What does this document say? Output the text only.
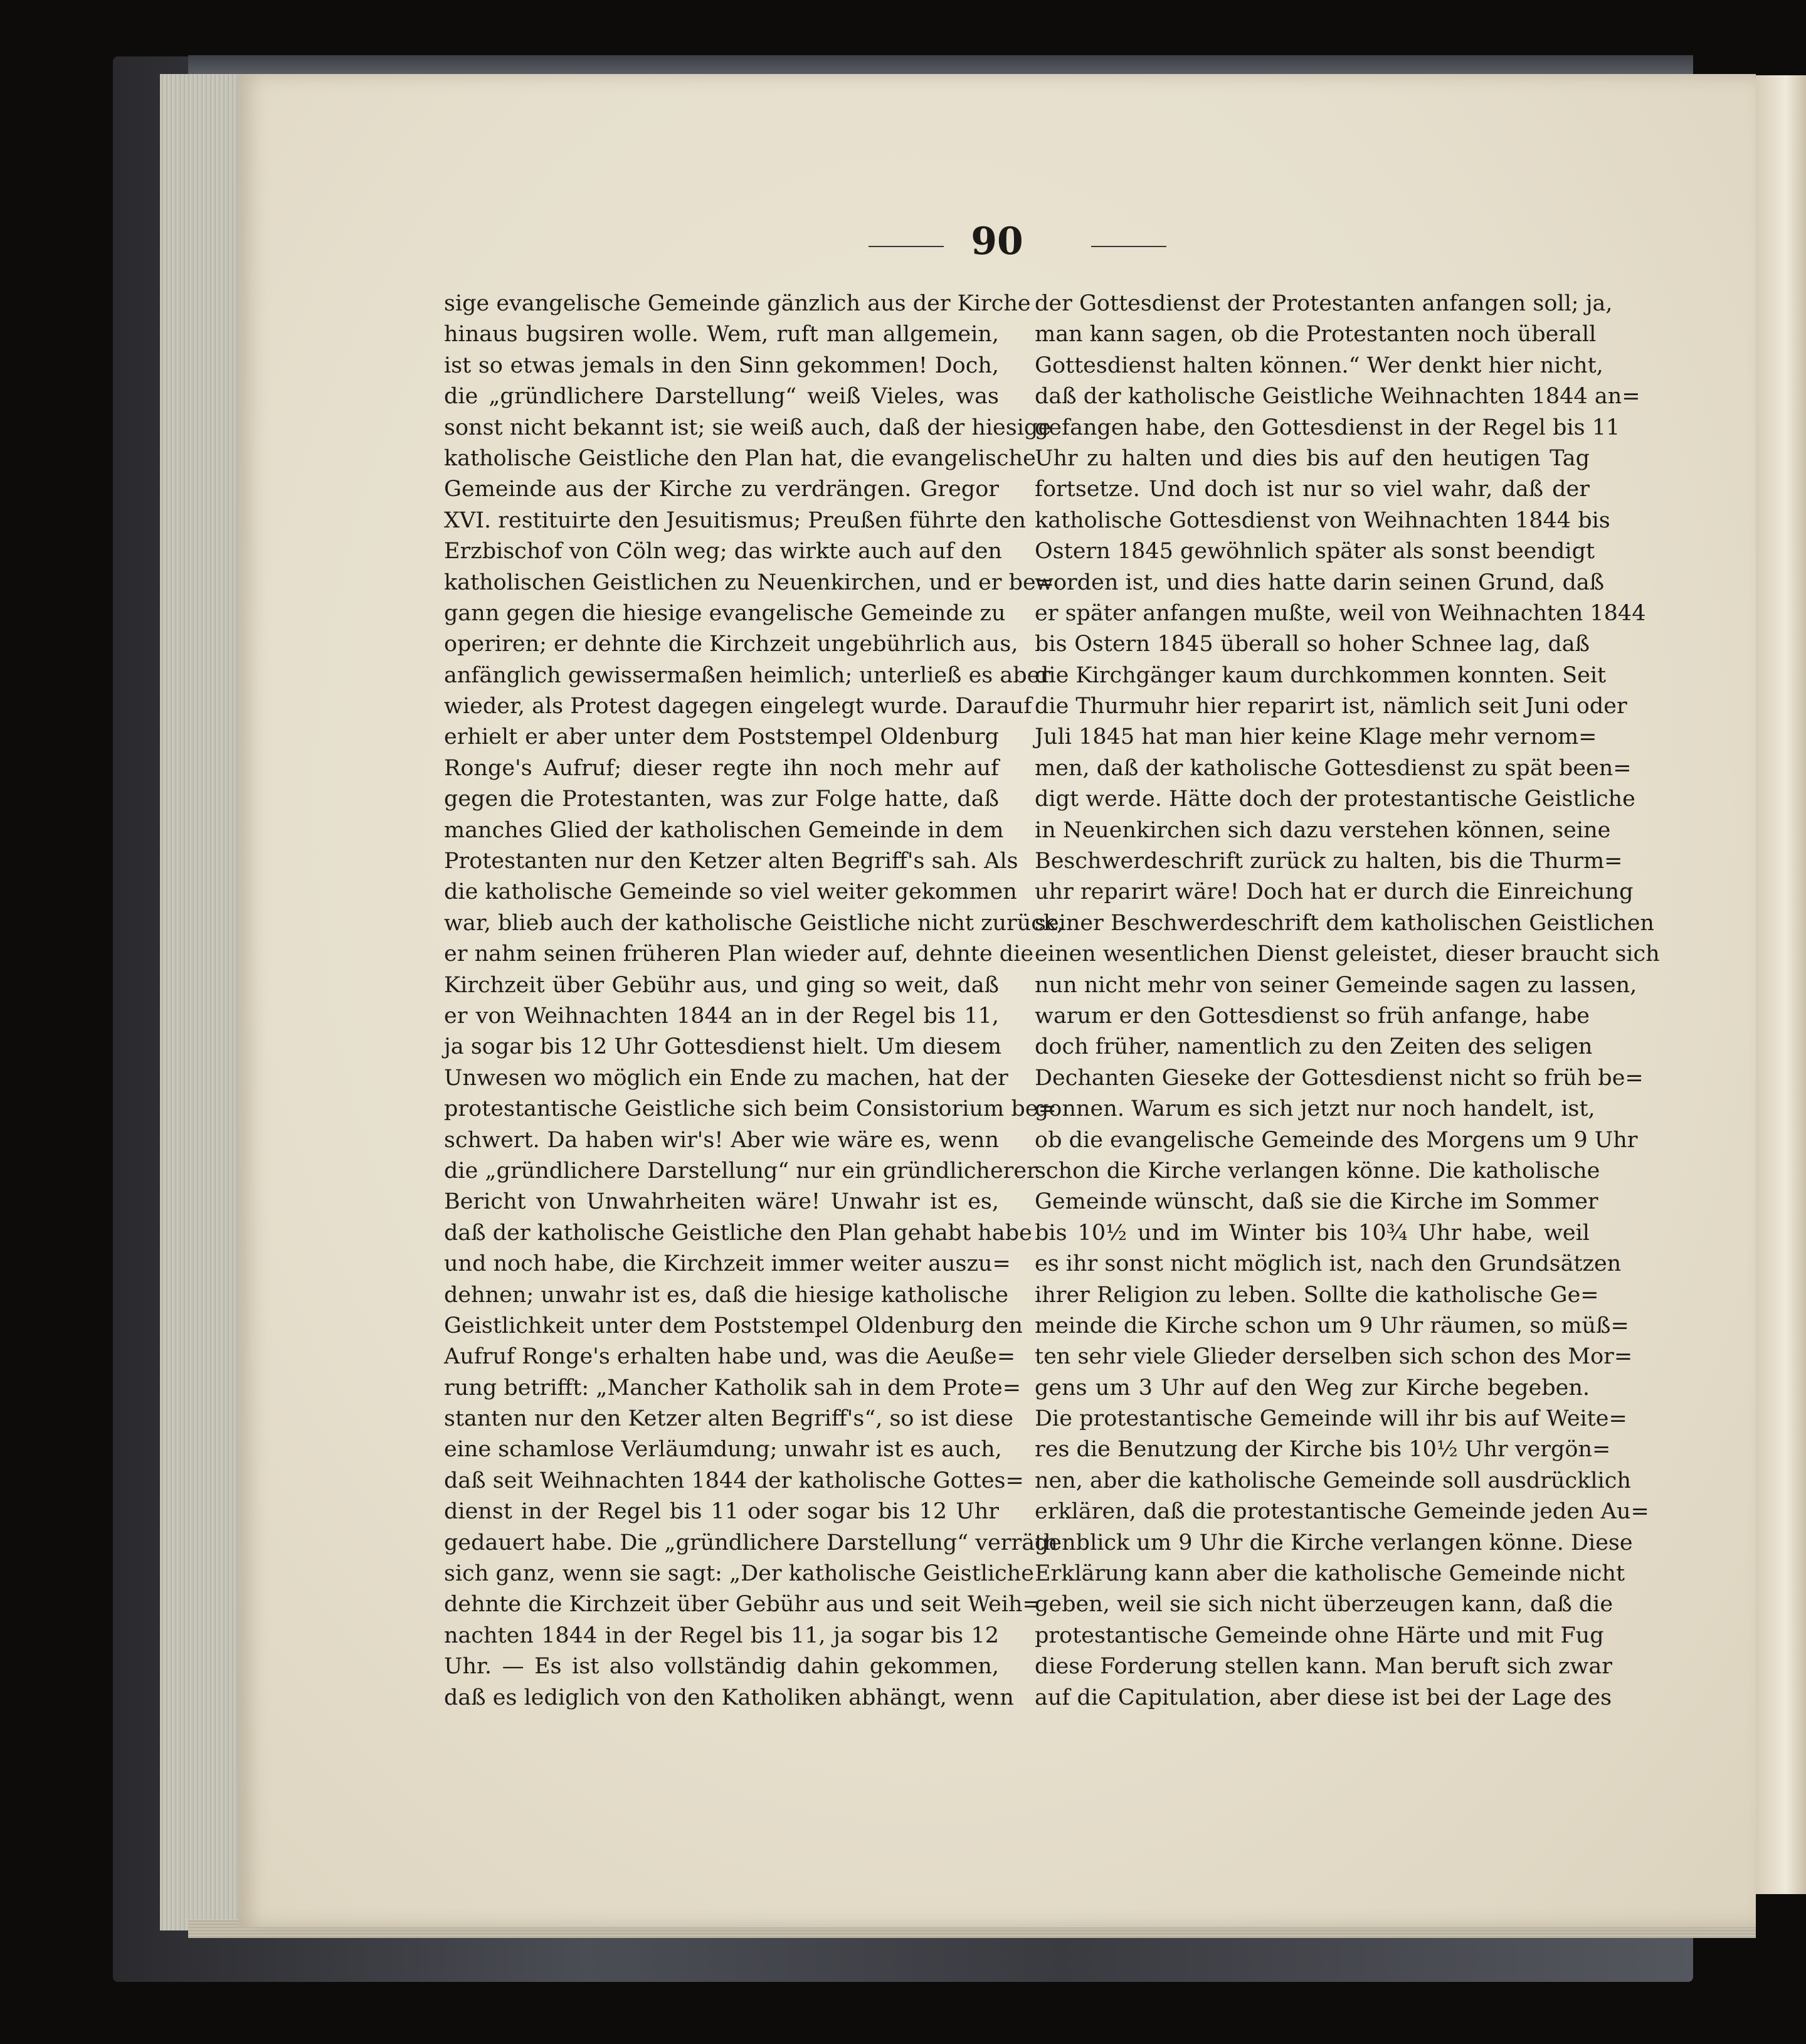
90
sige evangelische Gemeinde gänzlich aus der Kirche
hinaus bugsiren wolle. Wem, ruft man allgemein,
ist so etwas jemals in den Sinn gekommen! Doch,
die „gründlichere Darstellung“ weiß Vieles, was
sonst nicht bekannt ist; sie weiß auch, daß der hiesige
katholische Geistliche den Plan hat, die evangelische
Gemeinde aus der Kirche zu verdrängen. Gregor
XVI. restituirte den Jesuitismus; Preußen führte den
Erzbischof von Cöln weg; das wirkte auch auf den
katholischen Geistlichen zu Neuenkirchen, und er be=
gann gegen die hiesige evangelische Gemeinde zu
operiren; er dehnte die Kirchzeit ungebührlich aus,
anfänglich gewissermaßen heimlich; unterließ es aber
wieder, als Protest dagegen eingelegt wurde. Darauf
erhielt er aber unter dem Poststempel Oldenburg
Ronge's Aufruf; dieser regte ihn noch mehr auf
gegen die Protestanten, was zur Folge hatte, daß
manches Glied der katholischen Gemeinde in dem
Protestanten nur den Ketzer alten Begriff's sah. Als
die katholische Gemeinde so viel weiter gekommen
war, blieb auch der katholische Geistliche nicht zurück,
er nahm seinen früheren Plan wieder auf, dehnte die
Kirchzeit über Gebühr aus, und ging so weit, daß
er von Weihnachten 1844 an in der Regel bis 11,
ja sogar bis 12 Uhr Gottesdienst hielt. Um diesem
Unwesen wo möglich ein Ende zu machen, hat der
protestantische Geistliche sich beim Consistorium be=
schwert. Da haben wir's! Aber wie wäre es, wenn
die „gründlichere Darstellung“ nur ein gründlicherer
Bericht von Unwahrheiten wäre! Unwahr ist es,
daß der katholische Geistliche den Plan gehabt habe
und noch habe, die Kirchzeit immer weiter auszu=
dehnen; unwahr ist es, daß die hiesige katholische
Geistlichkeit unter dem Poststempel Oldenburg den
Aufruf Ronge's erhalten habe und, was die Aeuße=
rung betrifft: „Mancher Katholik sah in dem Prote=
stanten nur den Ketzer alten Begriff's“, so ist diese
eine schamlose Verläumdung; unwahr ist es auch,
daß seit Weihnachten 1844 der katholische Gottes=
dienst in der Regel bis 11 oder sogar bis 12 Uhr
gedauert habe. Die „gründlichere Darstellung“ verräth
sich ganz, wenn sie sagt: „Der katholische Geistliche
dehnte die Kirchzeit über Gebühr aus und seit Weih=
nachten 1844 in der Regel bis 11, ja sogar bis 12
Uhr. — Es ist also vollständig dahin gekommen,
daß es lediglich von den Katholiken abhängt, wenn
der Gottesdienst der Protestanten anfangen soll; ja,
man kann sagen, ob die Protestanten noch überall
Gottesdienst halten können.“ Wer denkt hier nicht,
daß der katholische Geistliche Weihnachten 1844 an=
gefangen habe, den Gottesdienst in der Regel bis 11
Uhr zu halten und dies bis auf den heutigen Tag
fortsetze. Und doch ist nur so viel wahr, daß der
katholische Gottesdienst von Weihnachten 1844 bis
Ostern 1845 gewöhnlich später als sonst beendigt
worden ist, und dies hatte darin seinen Grund, daß
er später anfangen mußte, weil von Weihnachten 1844
bis Ostern 1845 überall so hoher Schnee lag, daß
die Kirchgänger kaum durchkommen konnten. Seit
die Thurmuhr hier reparirt ist, nämlich seit Juni oder
Juli 1845 hat man hier keine Klage mehr vernom=
men, daß der katholische Gottesdienst zu spät been=
digt werde. Hätte doch der protestantische Geistliche
in Neuenkirchen sich dazu verstehen können, seine
Beschwerdeschrift zurück zu halten, bis die Thurm=
uhr reparirt wäre! Doch hat er durch die Einreichung
seiner Beschwerdeschrift dem katholischen Geistlichen
einen wesentlichen Dienst geleistet, dieser braucht sich
nun nicht mehr von seiner Gemeinde sagen zu lassen,
warum er den Gottesdienst so früh anfange, habe
doch früher, namentlich zu den Zeiten des seligen
Dechanten Gieseke der Gottesdienst nicht so früh be=
gonnen. Warum es sich jetzt nur noch handelt, ist,
ob die evangelische Gemeinde des Morgens um 9 Uhr
schon die Kirche verlangen könne. Die katholische
Gemeinde wünscht, daß sie die Kirche im Sommer
bis 10½ und im Winter bis 10¾ Uhr habe, weil
es ihr sonst nicht möglich ist, nach den Grundsätzen
ihrer Religion zu leben. Sollte die katholische Ge=
meinde die Kirche schon um 9 Uhr räumen, so müß=
ten sehr viele Glieder derselben sich schon des Mor=
gens um 3 Uhr auf den Weg zur Kirche begeben.
Die protestantische Gemeinde will ihr bis auf Weite=
res die Benutzung der Kirche bis 10½ Uhr vergön=
nen, aber die katholische Gemeinde soll ausdrücklich
erklären, daß die protestantische Gemeinde jeden Au=
genblick um 9 Uhr die Kirche verlangen könne. Diese
Erklärung kann aber die katholische Gemeinde nicht
geben, weil sie sich nicht überzeugen kann, daß die
protestantische Gemeinde ohne Härte und mit Fug
diese Forderung stellen kann. Man beruft sich zwar
auf die Capitulation, aber diese ist bei der Lage des
